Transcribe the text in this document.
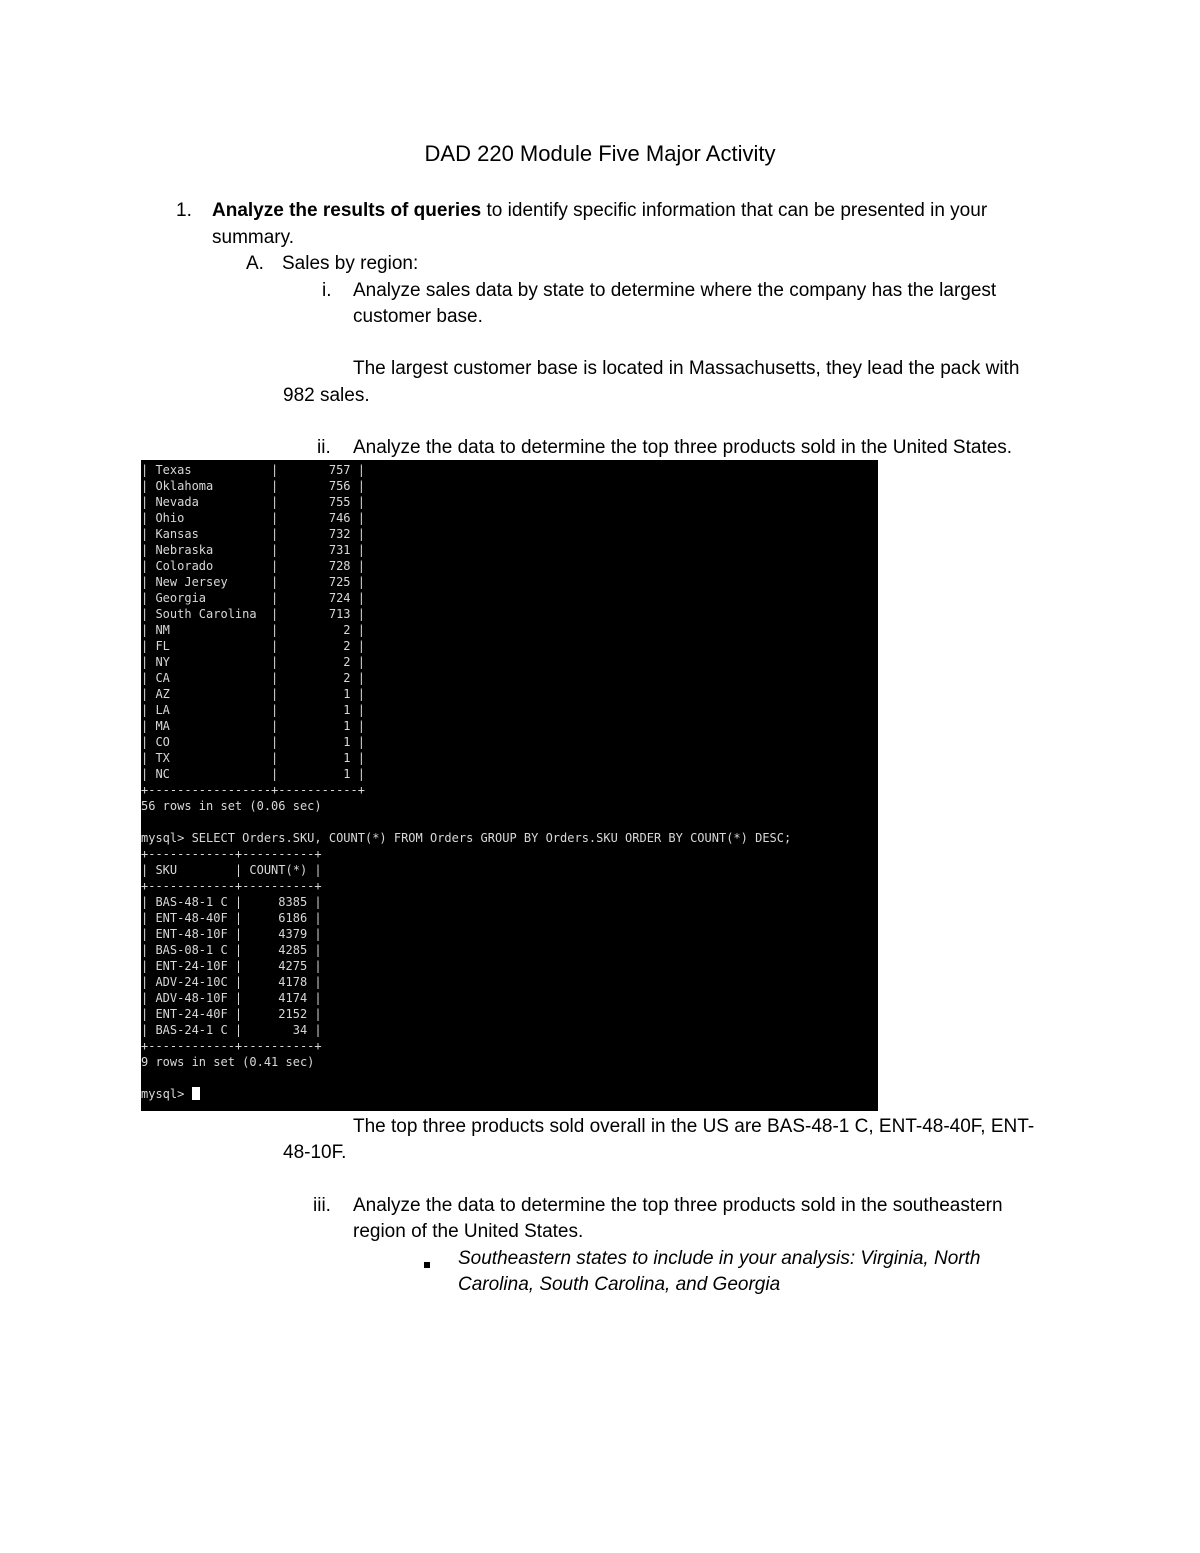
DAD 220 Module Five Major Activity
1. Analyze the results of queries to identify specific information that can be presented in your
summary.
A. Sales by region:
i. Analyze sales data by state to determine where the company has the largest
customer base.
The largest customer base is located in Massachusetts, they lead the pack with
982 sales.
ii. Analyze the data to determine the top three products sold in the United States.
| Texas           |       757 |
| Oklahoma        |       756 |
| Nevada          |       755 |
| Ohio            |       746 |
| Kansas          |       732 |
| Nebraska        |       731 |
| Colorado        |       728 |
| New Jersey      |       725 |
| Georgia         |       724 |
| South Carolina  |       713 |
| NM              |         2 |
| FL              |         2 |
| NY              |         2 |
| CA              |         2 |
| AZ              |         1 |
| LA              |         1 |
| MA              |         1 |
| CO              |         1 |
| TX              |         1 |
| NC              |         1 |
+-----------------+-----------+
56 rows in set (0.06 sec)
mysql> SELECT Orders.SKU, COUNT(*) FROM Orders GROUP BY Orders.SKU ORDER BY COUNT(*) DESC;
+------------+----------+
| SKU        | COUNT(*) |
+------------+----------+
| BAS-48-1 C |     8385 |
| ENT-48-40F |     6186 |
| ENT-48-10F |     4379 |
| BAS-08-1 C |     4285 |
| ENT-24-10F |     4275 |
| ADV-24-10C |     4178 |
| ADV-48-10F |     4174 |
| ENT-24-40F |     2152 |
| BAS-24-1 C |       34 |
+------------+----------+
9 rows in set (0.41 sec)
mysql>
The top three products sold overall in the US are BAS-48-1 C, ENT-48-40F, ENT-
48-10F.
iii. Analyze the data to determine the top three products sold in the southeastern
region of the United States.
Southeastern states to include in your analysis: Virginia, North
Carolina, South Carolina, and Georgia
